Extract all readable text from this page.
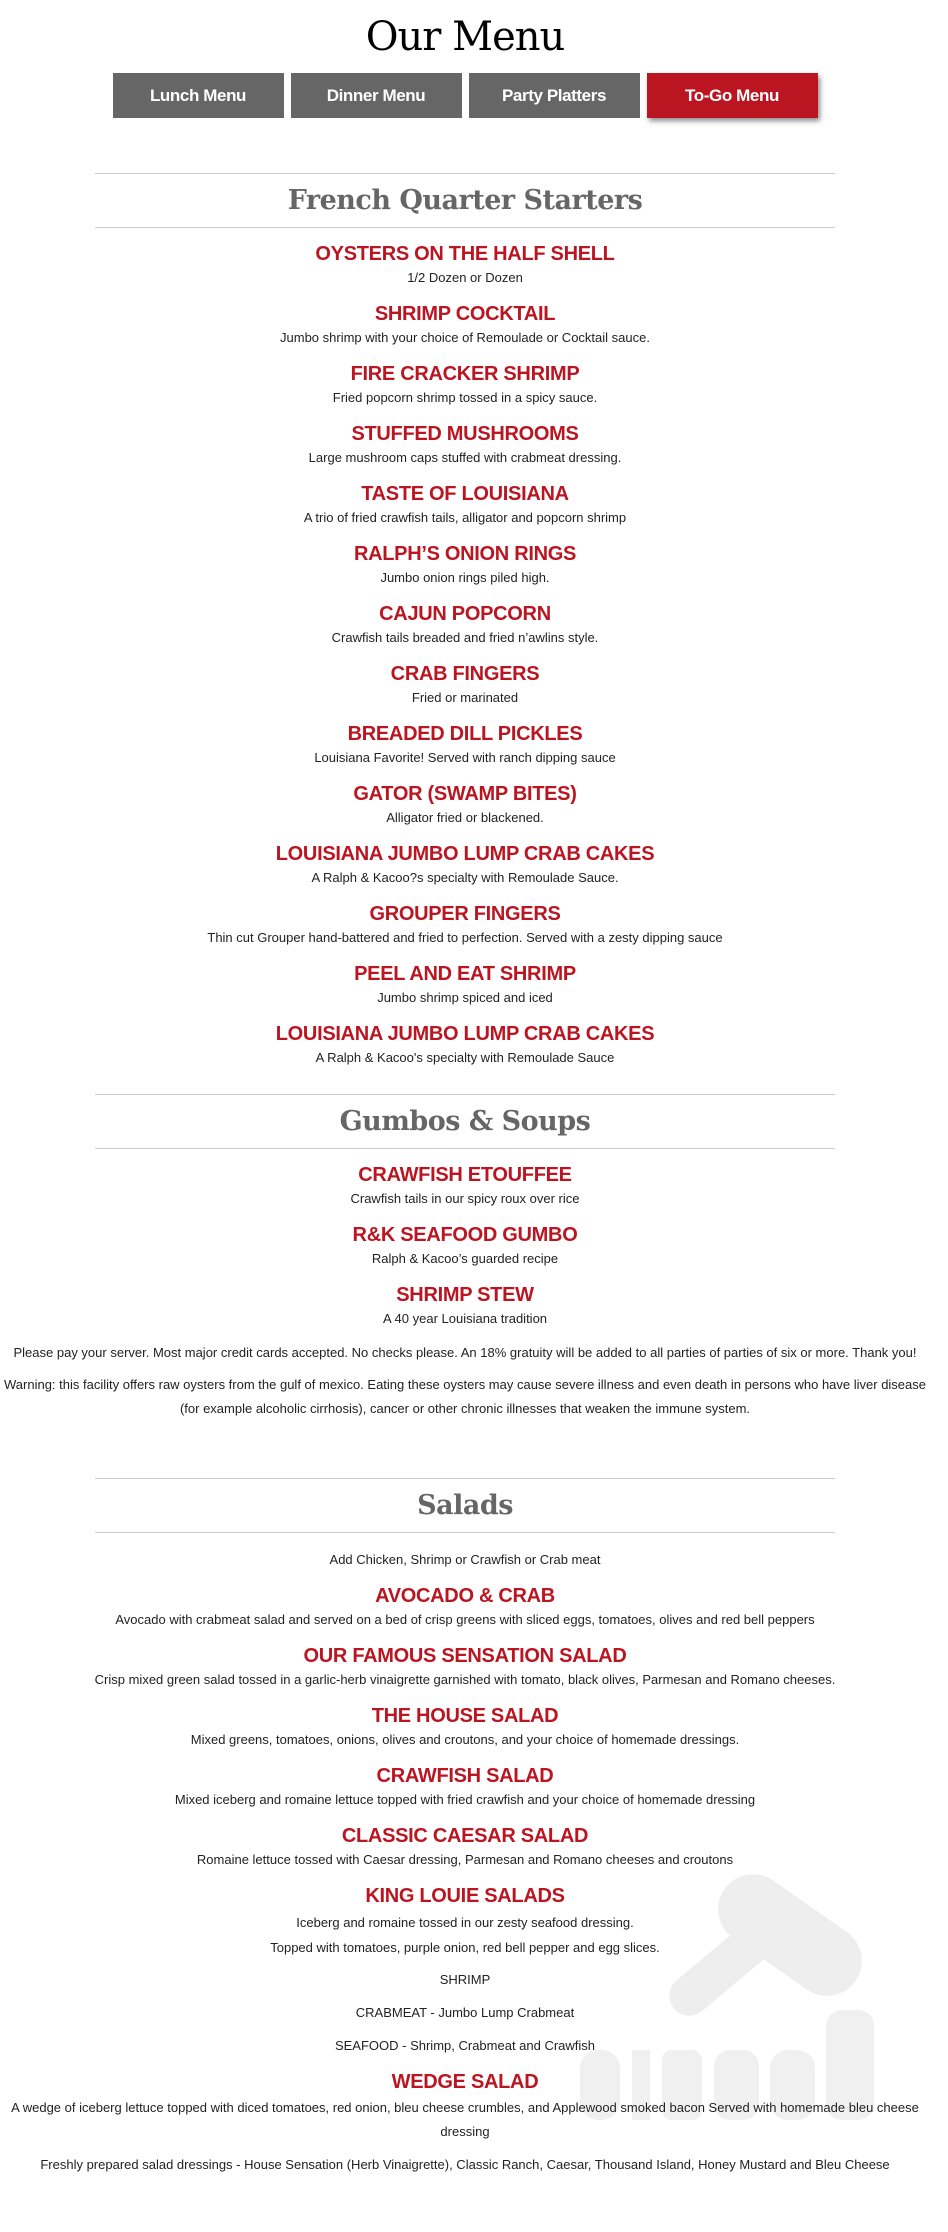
Our Menu
Lunch Menu	Dinner Menu	Party Platters	To-Go Menu
French Quarter Starters
OYSTERS ON THE HALF SHELL
1/2 Dozen or Dozen
SHRIMP COCKTAIL
Jumbo shrimp with your choice of Remoulade or Cocktail sauce.
FIRE CRACKER SHRIMP
Fried popcorn shrimp tossed in a spicy sauce.
STUFFED MUSHROOMS
Large mushroom caps stuffed with crabmeat dressing.
TASTE OF LOUISIANA
A trio of fried crawfish tails, alligator and popcorn shrimp
RALPH’S ONION RINGS
Jumbo onion rings piled high.
CAJUN POPCORN
Crawfish tails breaded and fried n’awlins style.
CRAB FINGERS
Fried or marinated
BREADED DILL PICKLES
Louisiana Favorite! Served with ranch dipping sauce
GATOR (SWAMP BITES)
Alligator fried or blackened.
LOUISIANA JUMBO LUMP CRAB CAKES
A Ralph & Kacoo?s specialty with Remoulade Sauce.
GROUPER FINGERS
Thin cut Grouper hand-battered and fried to perfection. Served with a zesty dipping sauce
PEEL AND EAT SHRIMP
Jumbo shrimp spiced and iced
LOUISIANA JUMBO LUMP CRAB CAKES
A Ralph & Kacoo's specialty with Remoulade Sauce
Gumbos & Soups
CRAWFISH ETOUFFEE
Crawfish tails in our spicy roux over rice
R&K SEAFOOD GUMBO
Ralph & Kacoo’s guarded recipe
SHRIMP STEW
A 40 year Louisiana tradition
Please pay your server. Most major credit cards accepted. No checks please. An 18% gratuity will be added to all parties of parties of six or more. Thank you!
Warning: this facility offers raw oysters from the gulf of mexico. Eating these oysters may cause severe illness and even death in persons who have liver disease (for example alcoholic cirrhosis), cancer or other chronic illnesses that weaken the immune system.
Salads
Add Chicken, Shrimp or Crawfish or Crab meat
AVOCADO & CRAB
Avocado with crabmeat salad and served on a bed of crisp greens with sliced eggs, tomatoes, olives and red bell peppers
OUR FAMOUS SENSATION SALAD
Crisp mixed green salad tossed in a garlic-herb vinaigrette garnished with tomato, black olives, Parmesan and Romano cheeses.
THE HOUSE SALAD
Mixed greens, tomatoes, onions, olives and croutons, and your choice of homemade dressings.
CRAWFISH SALAD
Mixed iceberg and romaine lettuce topped with fried crawfish and your choice of homemade dressing
CLASSIC CAESAR SALAD
Romaine lettuce tossed with Caesar dressing, Parmesan and Romano cheeses and croutons
KING LOUIE SALADS
Iceberg and romaine tossed in our zesty seafood dressing.
Topped with tomatoes, purple onion, red bell pepper and egg slices.
SHRIMP
CRABMEAT - Jumbo Lump Crabmeat
SEAFOOD - Shrimp, Crabmeat and Crawfish
WEDGE SALAD
A wedge of iceberg lettuce topped with diced tomatoes, red onion, bleu cheese crumbles, and Applewood smoked bacon Served with homemade bleu cheese dressing
Freshly prepared salad dressings - House Sensation (Herb Vinaigrette), Classic Ranch, Caesar, Thousand Island, Honey Mustard and Bleu Cheese
